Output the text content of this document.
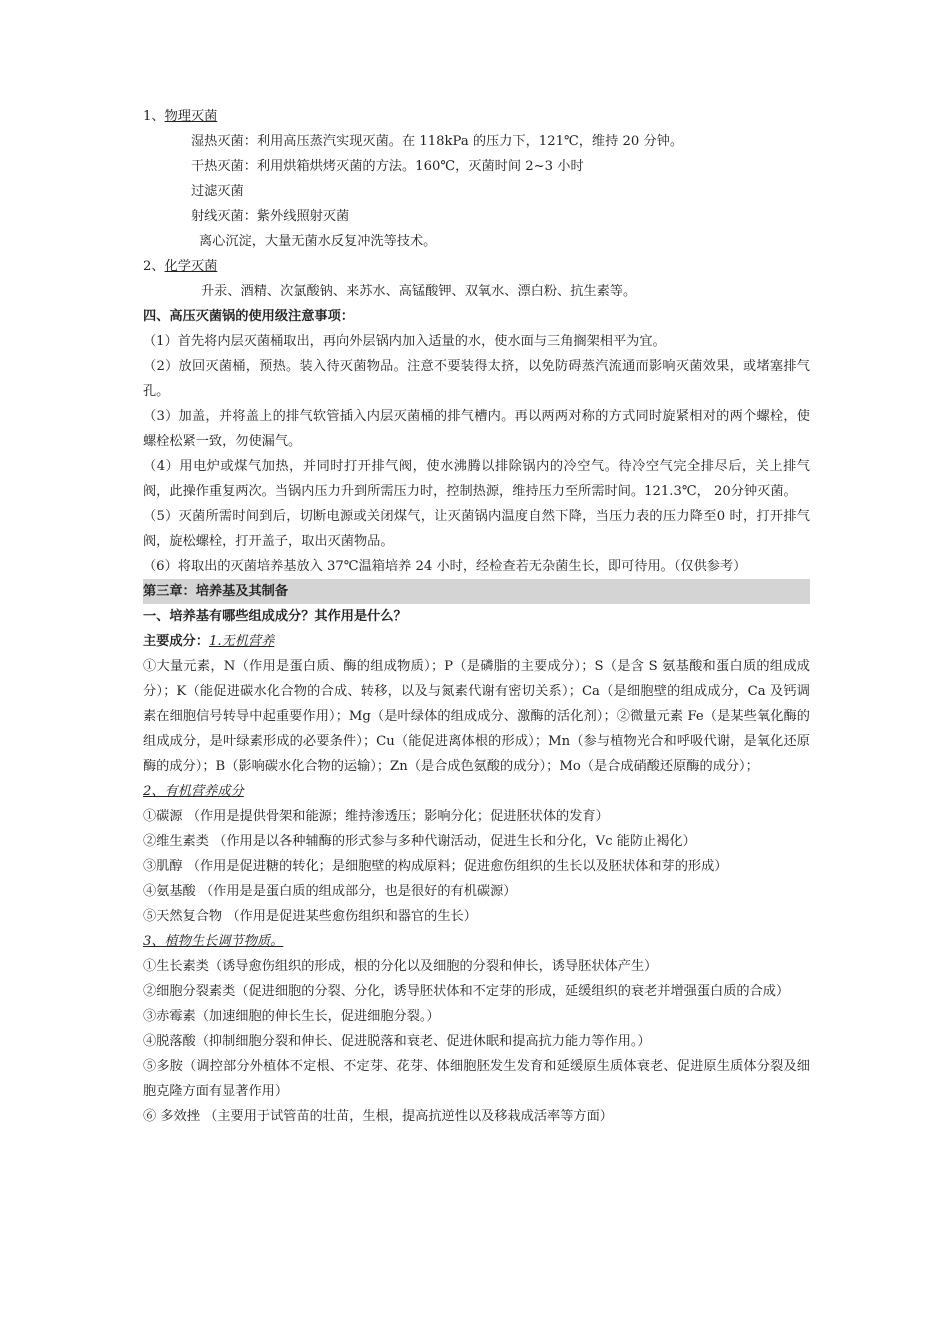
1、物理灭菌
湿热灭菌：利用高压蒸汽实现灭菌。在 118kPa 的压力下，121℃，维持 20 分钟。
干热灭菌：利用烘箱烘烤灭菌的方法。160℃，灭菌时间 2~3 小时
过滤灭菌
射线灭菌：紫外线照射灭菌
离心沉淀，大量无菌水反复冲洗等技术。
2、化学灭菌
升汞、酒精、次氯酸钠、来苏水、高锰酸钾、双氧水、漂白粉、抗生素等。
四、高压灭菌锅的使用级注意事项：
（1）首先将内层灭菌桶取出，再向外层锅内加入适量的水，使水面与三角搁架相平为宜。
（2）放回灭菌桶，预热。装入待灭菌物品。注意不要装得太挤，以免防碍蒸汽流通而影响灭菌效果，或堵塞排气孔。
（3）加盖，并将盖上的排气软管插入内层灭菌桶的排气槽内。再以两两对称的方式同时旋紧相对的两个螺栓，使螺栓松紧一致，勿使漏气。
（4）用电炉或煤气加热，并同时打开排气阀，使水沸腾以排除锅内的冷空气。待冷空气完全排尽后，关上排气阀，此操作重复两次。当锅内压力升到所需压力时，控制热源，维持压力至所需时间。121.3℃， 20分钟灭菌。
（5）灭菌所需时间到后，切断电源或关闭煤气，让灭菌锅内温度自然下降，当压力表的压力降至0 时，打开排气阀，旋松螺栓，打开盖子，取出灭菌物品。
（6）将取出的灭菌培养基放入 37℃温箱培养 24 小时，经检查若无杂菌生长，即可待用。（仅供参考）
第三章：培养基及其制备
一、培养基有哪些组成成分？其作用是什么？
主要成分：1.无机营养
①大量元素，N（作用是蛋白质、酶的组成物质）；P（是磷脂的主要成分）；S（是含 S 氨基酸和蛋白质的组成成分）；K（能促进碳水化合物的合成、转移，以及与氮素代谢有密切关系）；Ca（是细胞壁的组成成分，Ca 及钙调素在细胞信号转导中起重要作用）；Mg（是叶绿体的组成成分、激酶的活化剂）；②微量元素 Fe（是某些氧化酶的组成成分，是叶绿素形成的必要条件）；Cu（能促进离体根的形成）；Mn（参与植物光合和呼吸代谢，是氧化还原酶的成分）；B（影响碳水化合物的运输）；Zn（是合成色氨酸的成分）；Mo（是合成硝酸还原酶的成分）；
2、有机营养成分
①碳源 （作用是提供骨架和能源；维持渗透压；影响分化；促进胚状体的发育）
②维生素类 （作用是以各种辅酶的形式参与多种代谢活动，促进生长和分化，Vc 能防止褐化）
③肌醇 （作用是促进糖的转化；是细胞壁的构成原料；促进愈伤组织的生长以及胚状体和芽的形成）
④氨基酸 （作用是是蛋白质的组成部分，也是很好的有机碳源）
⑤天然复合物 （作用是促进某些愈伤组织和器官的生长）
3、植物生长调节物质。
①生长素类（诱导愈伤组织的形成，根的分化以及细胞的分裂和伸长，诱导胚状体产生）
②细胞分裂素类（促进细胞的分裂、分化，诱导胚状体和不定芽的形成，延缓组织的衰老并增强蛋白质的合成）
③赤霉素（加速细胞的伸长生长，促进细胞分裂。）
④脱落酸（抑制细胞分裂和伸长、促进脱落和衰老、促进休眠和提高抗力能力等作用。）
⑤多胺（调控部分外植体不定根、不定芽、花芽、体细胞胚发生发育和延缓原生质体衰老、促进原生质体分裂及细胞克隆方面有显著作用）
⑥ 多效挫 （主要用于试管苗的壮苗，生根，提高抗逆性以及移栽成活率等方面）
